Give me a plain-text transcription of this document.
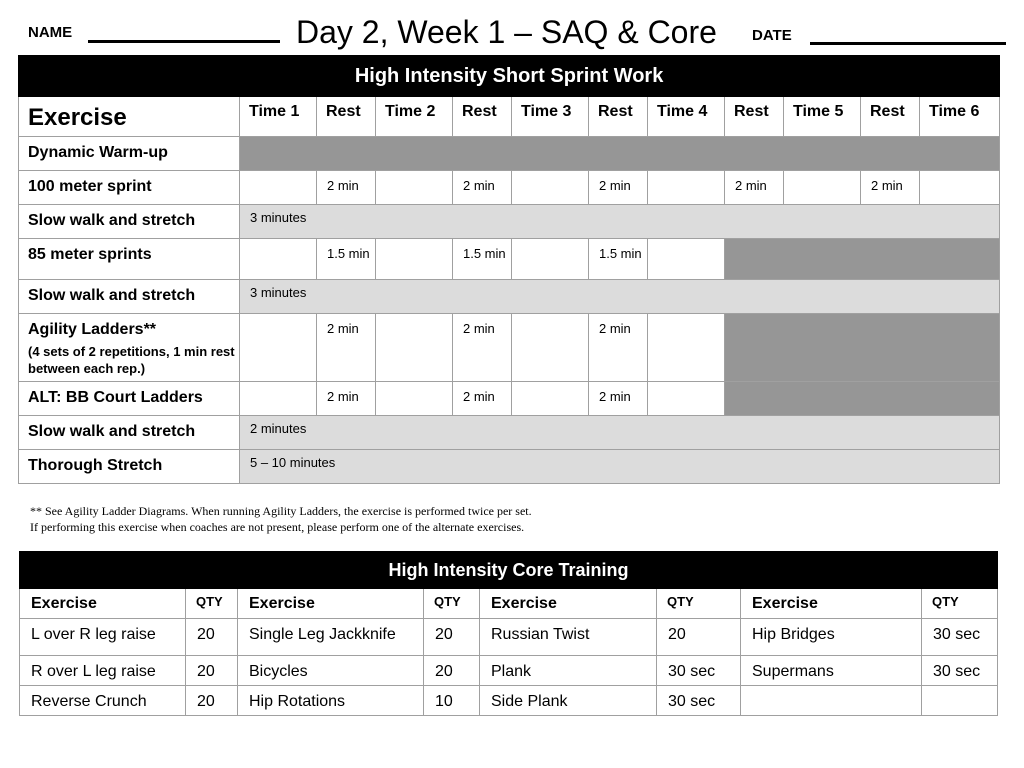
NAME	Day 2, Week 1 – SAQ & Core DATE
High Intensity Short Sprint Work											
Exercise	Time 1	Rest	Time 2	Rest	Time 3	Rest	Time 4	Rest	Time 5	Rest	Time 6
Dynamic Warm-up											
100 meter sprint		2 min		2 min		2 min		2 min		2 min	
Slow walk and stretch	3 minutes										
85 meter sprints		1.5 min		1.5 min		1.5 min					
Slow walk and stretch	3 minutes										
Agility Ladders**
(4 sets of 2 repetitions, 1 min rest between each rep.)		2 min		2 min		2 min					
ALT: BB Court Ladders		2 min		2 min		2 min					
Slow walk and stretch	2 minutes										
Thorough Stretch	5 – 10 minutes										
** See Agility Ladder Diagrams. When running Agility Ladders, the exercise is performed twice per set.
If performing this exercise when coaches are not present, please perform one of the alternate exercises.
High Intensity Core Training							
Exercise	QTY	Exercise	QTY	Exercise	QTY	Exercise	QTY
L over R leg raise	20	Single Leg Jackknife	20	Russian Twist	20	Hip Bridges	30 sec
R over L leg raise	20	Bicycles	20	Plank	30 sec	Supermans	30 sec
Reverse Crunch	20	Hip Rotations	10	Side Plank	30 sec		
